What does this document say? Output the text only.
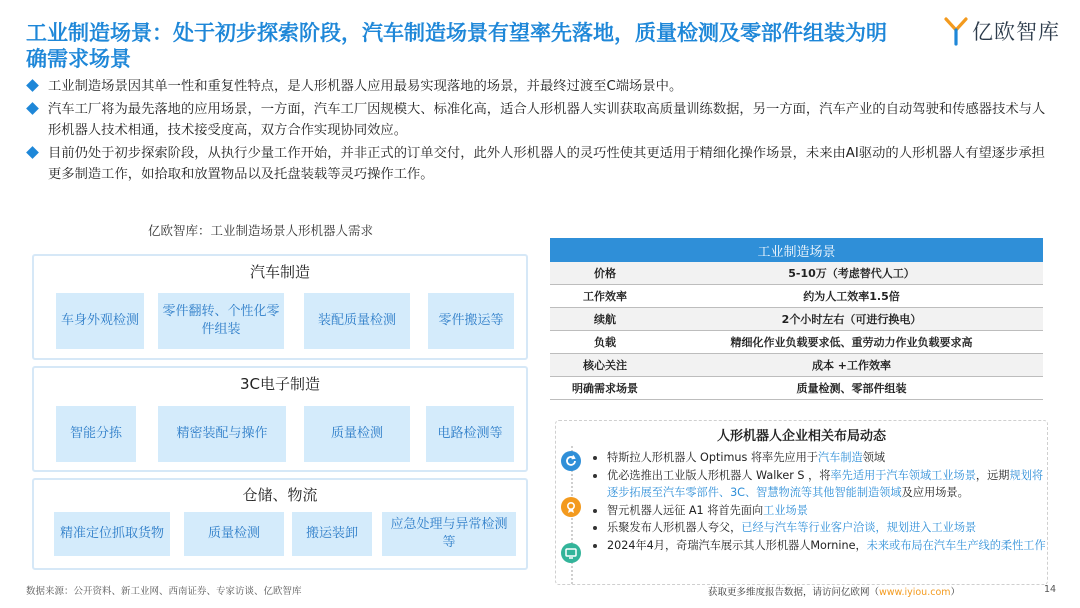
工业制造场景：处于初步探索阶段，汽车制造场景有望率先落地，质量检测及零部件组装为明确需求场景
亿欧智库
工业制造场景因其单一性和重复性特点，是人形机器人应用最易实现落地的场景，并最终过渡至C端场景中。
汽车工厂将为最先落地的应用场景，一方面，汽车工厂因规模大、标准化高，适合人形机器人实训获取高质量训练数据，另一方面，汽车产业的自动驾驶和传感器技术与人形机器人技术相通，技术接受度高，双方合作实现协同效应。
目前仍处于初步探索阶段，从执行少量工作开始，并非正式的订单交付，此外人形机器人的灵巧性使其更适用于精细化操作场景，未来由AI驱动的人形机器人有望逐步承担更多制造工作，如拾取和放置物品以及托盘装载等灵巧操作工作。
亿欧智库：工业制造场景人形机器人需求
汽车制造
车身外观检测
零件翻转、个性化零件组装
装配质量检测	零件搬运等
3C电子制造
智能分拣	精密装配与操作	质量检测	电路检测等
仓储、物流
精准定位抓取货物	质量检测	搬运装卸
应急处理与异常检测等
工业制造场景
价格	5-10万（考虑替代人工）
工作效率	约为人工效率1.5倍
续航	2个小时左右（可进行换电）
负载	精细化作业负载要求低、重劳动力作业负载要求高
核心关注	成本 +工作效率
明确需求场景	质量检测、零部件组装
人形机器人企业相关布局动态
特斯拉人形机器人 Optimus 将率先应用于汽车制造领域
优必选推出工业版人形机器人 Walker S ，将率先适用于汽车领域工业场景，远期规划将逐步拓展至汽车零部件、3C、智慧物流等其他智能制造领域及应用场景。
智元机器人远征 A1 将首先面向工业场景
乐聚发布人形机器人夸父，已经与汽车等行业客户洽谈，规划进入工业场景
2024年4月，奇瑞汽车展示其人形机器人Mornine，未来或布局在汽车生产线的柔性工作
数据来源：公开资料、新工业网、西南证券、专家访谈、亿欧智库	获取更多维度报告数据，请访问亿欧网（www.iyiou.com）	14
